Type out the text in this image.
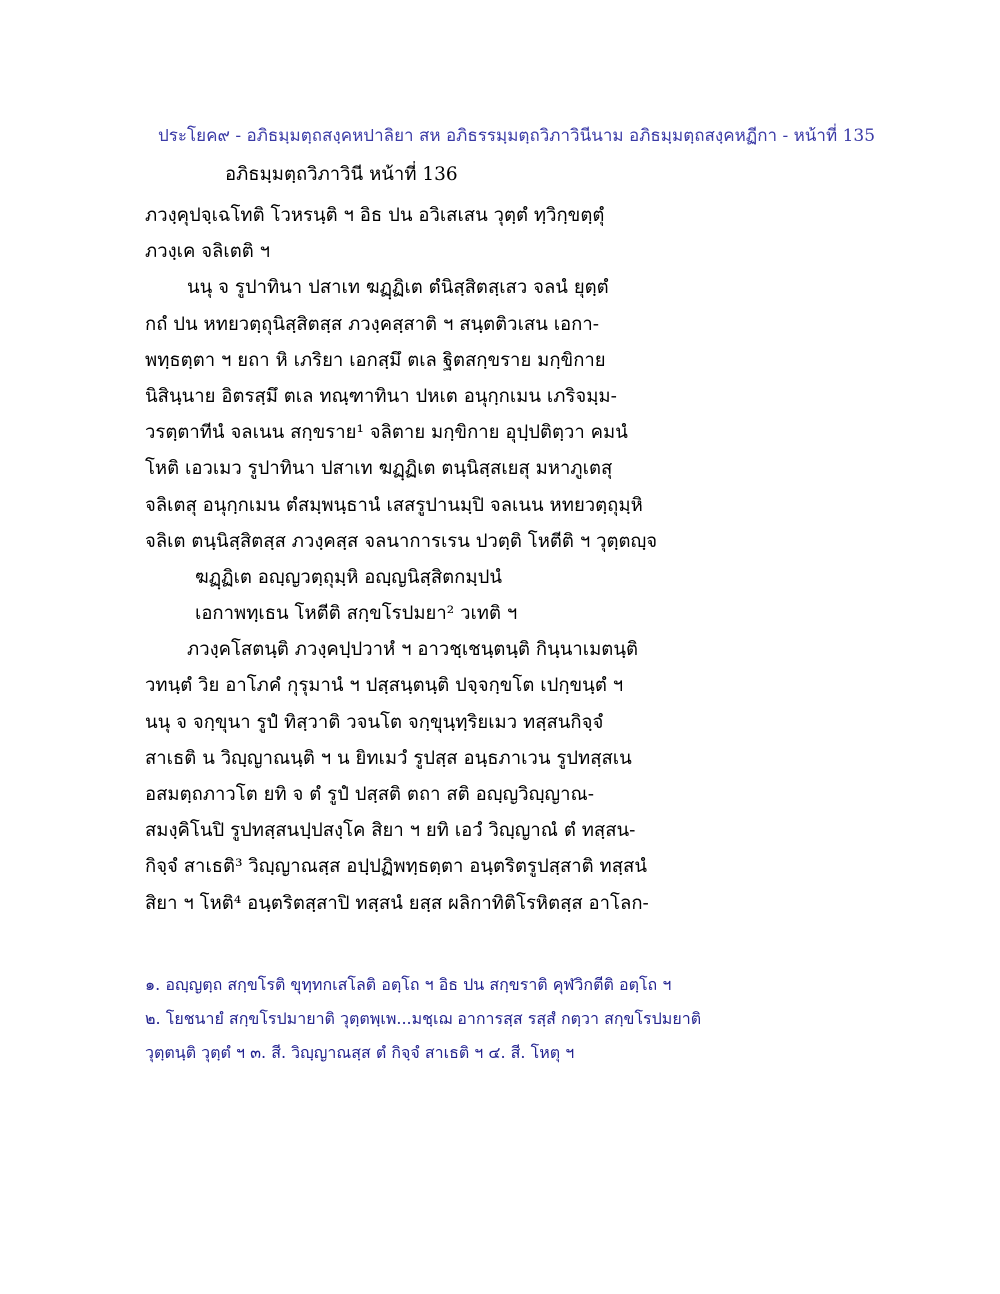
ประโยค๙ - อภิธมฺมตฺถสงฺคหปาลิยา สห อภิธรรมฺมตฺถวิภาวินีนาม อภิธมฺมตฺถสงฺคหฏีกา - หน้าที่ 135
อภิธมฺมตฺถวิภาวินี หน้าที่ 136
ภวงฺคุปจฺเฉโทติ โวหรนฺติ ฯ อิธ ปน อวิเสเสน วุตฺตํ ทฺวิกฺขตฺตุํ
ภวงฺเค จลิเตติ ฯ
นนุ จ รูปาทินา ปสาเท ฆฏฺฏิเต ตํนิสฺสิตสฺเสว จลนํ ยุตฺตํ
กถํ ปน หทยวตฺถุนิสฺสิตสฺส ภวงฺคสฺสาติ ฯ สนฺตติวเสน เอกา-
พทฺธตฺตา ฯ ยถา หิ เภริยา เอกสฺมึ ตเล ฐิตสกฺขราย มกฺขิกาย
นิสินฺนาย อิตรสฺมึ ตเล ทณฺฑาทินา ปหเต อนุกฺกเมน เภริจมฺม-
วรตฺตาทีนํ จลเนน สกฺขราย¹ จลิตาย มกฺขิกาย อุปฺปติตฺวา คมนํ
โหติ เอวเมว รูปาทินา ปสาเท ฆฏฺฏิเต ตนฺนิสฺสเยสุ มหาภูเตสุ
จลิเตสุ อนุกฺกเมน ตํสมฺพนฺธานํ เสสรูปานมฺปิ จลเนน หทยวตฺถุมฺหิ
จลิเต ตนฺนิสฺสิตสฺส ภวงฺคสฺส จลนาการเรน ปวตฺติ โหตีติ ฯ วุตฺตญฺจ
ฆฏฺฏิเต อญฺญวตฺถุมฺหิ อญฺญนิสฺสิตกมฺปนํ
เอกาพทฺเธน โหตีติ สกฺขโรปมยา² วเทติ ฯ
ภวงฺคโสตนฺติ ภวงฺคปฺปวาหํ ฯ อาวชฺเชนฺตนฺติ กินฺนาเมตนฺติ
วทนฺตํ วิย อาโภคํ กุรุมานํ ฯ ปสฺสนฺตนฺติ ปจฺจกฺขโต เปกฺขนฺตํ ฯ
นนุ จ จกฺขุนา รูปํ ทิสฺวาติ วจนโต จกฺขุนฺทฺริยเมว ทสฺสนกิจฺจํ
สาเธติ น วิญฺญาณนฺติ ฯ น ยิทเมวํ รูปสฺส อนฺธภาเวน รูปทสฺสเน
อสมตฺถภาวโต ยทิ จ ตํ รูปํ ปสฺสติ ตถา สติ อญฺญวิญฺญาณ-
สมงฺคิโนปิ รูปทสฺสนปฺปสงฺโค สิยา ฯ ยทิ เอวํ วิญฺญาณํ ตํ ทสฺสน-
กิจฺจํ สาเธติ³ วิญฺญาณสฺส อปฺปฏิพทฺธตฺตา อนฺตริตรูปสฺสาติ ทสฺสนํ
สิยา ฯ โหติ⁴ อนฺตริตสฺสาปิ ทสฺสนํ ยสฺส ผลิกาทิติโรหิตสฺส อาโลก-
๑. อญฺญตฺถ สกฺขโรติ ขุทฺทกเสโลติ อตฺโถ ฯ อิธ ปน สกฺขราติ คุฬวิกตีติ อตฺโถ ฯ
๒. โยชนายํ สกฺขโรปมายาติ วุตฺตพฺเพ...มชฺเฌ อาการสฺส รสฺสํ กตฺวา สกฺขโรปมยาติ
วุตฺตนฺติ วุตฺตํ ฯ ๓. สี. วิญฺญาณสฺส ตํ กิจฺจํ สาเธติ ฯ ๔. สี. โหตุ ฯ
